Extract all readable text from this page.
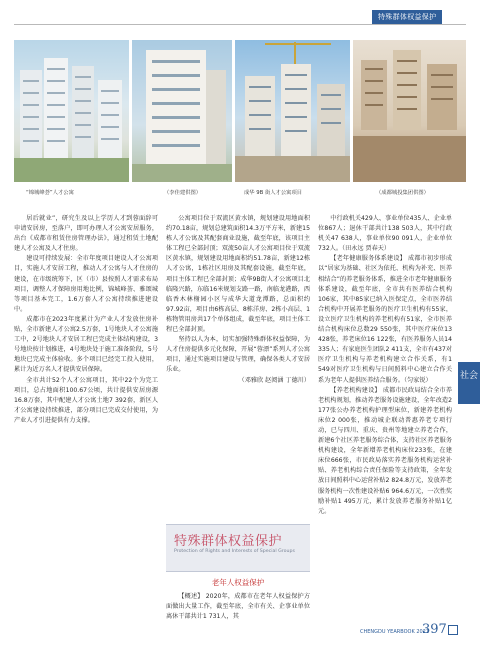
特殊群体权益保护
“锦城峰荟”人才公寓	（李佳建供图）	成华 9B 街人才公寓项目	（成都城投集团供图）

居后就业”，研究生及以上学历人才到蓉面辞可申请安居房，至落户，即可办理人才公寓安居服务，出台《成都市租赁住房管理办法》，通过租赁土地配建人才公寓及人才住房。

建设可持续发展：全市年度项目建设人才公寓项目，实施人才安居工程，推动人才公寓与人才住房的建设，在市级统筹下，区（市）县按照人才需求布局项目，调整人才保障房用地比例，锦城峰荟、雅颂城等项目基本完工，1.6万套人才公寓持续推进建设中。

成都市在2023年度累计为产业人才发放住房补贴，全市新建人才公寓2.5万套，1号地块人才公寓施工中，2号地块人才安居工程已完成主体结构建设，3号地块按计划推进，4号地块处于施工准备阶段，5号地块已完成主体验收。多个项目已经完工投入使用，累计为近万名人才提供安居保障。

全市共计52个人才公寓项目，其中22个为完工项目，总占地面积100.67公顷，共计提供安居房源16.8万套，其中配建人才公寓土地7 392套，新区人才公寓建设持续推进，部分项目已完成交付使用，为产业人才引进提供有力支撑。

公寓项目位于双流区黄水镇，规划建设用地面积约70.18亩，规划总建筑面积14.3万平方米，新建15栋人才公寓及其配套商业设施，截至年底，该项目主体工程已全部封顶；双流50亩人才公寓项目位于双流区黄水镇，规划建设用地面积约51.78亩，新建12栋人才公寓，1栋社区用房及其配套设施，截至年底，项目主体工程已全部封顶；成华9B街人才公寓项目北临隆兴路，东临16米规划支路一路，南临龙港路，西临香木林榭园小区与成华大道龙潭路，总面积约97.92亩，项目由6栋高层、8栋洋房、2栋小高层、1栋物管用房共17个单体组成，截至年底，项目主体工程已全部封顶。

坚持以人为本，切实加强特殊群体权益保障，为人才住房提供多元化保障，开展“蓉漂”系列人才公寓项目，通过实施项目建设与管理，确保各类人才安居乐业。

（邓雅欣 赵阅涵 丁德川）

特殊群体权益保护
Protection of Rights and Interests of Special Groups
老年人权益保护

【概述】 2020年，成都市在老年人权益保护方面做出大量工作，截至年底，全市有关、企事业单位离休干部共计1 731人，其

中行政机关429人、事业单位435人、企业单位867人；退休干部共计138 503人，其中行政机关47 638人，事业单位90 091人，企业单位732人。（田永远 贾春天）

【老年健康服务体系建设】 成都市初步形成以“居家为基础、社区为依托、机构为补充、医养相结合”的养老服务体系，推进全市老年健康服务体系建设，截至年底，全市共有医养结合机构106家，其中85家已纳入医保定点，全市医养结合机构中开展养老服务的医疗卫生机构有55家，设立医疗卫生机构的养老机构有51家，全市医养结合机构床位总数29 550张，其中医疗床位13 428张，养老床位16 122张，有医养服务人员14 335人；有家庭医生团队2 411支，全市有437对医疗卫生机构与养老机构建立合作关系，有1 549对医疗卫生机构与日间照料中心建立合作关系为老年人提供医养结合服务。（匀家锐）

【养老机构建设】 成都市民政局结合全市养老机构规划，推动养老服务设施建设，全年改造2 177张公办养老机构护理型床位，新建养老机构床位2 000张，推动城企联动普惠养老专项行动，已与四川、重庆、贵州等地建立养老合作，新建6个社区养老服务综合体，支持社区养老服务机构建设，全年新增养老机构床位233张，在建床位666张，市民政局落实养老服务机构运营补贴、养老机构综合责任保险等支持政策，全年发放日间照料中心运营补贴2 824.8万元，发放养老服务机构一次性建设补贴6 964.6万元，一次性奖励补贴1 495万元，累计发放养老服务补贴1亿元。

社会
CHENGDU YEARBOOK 2021
397
